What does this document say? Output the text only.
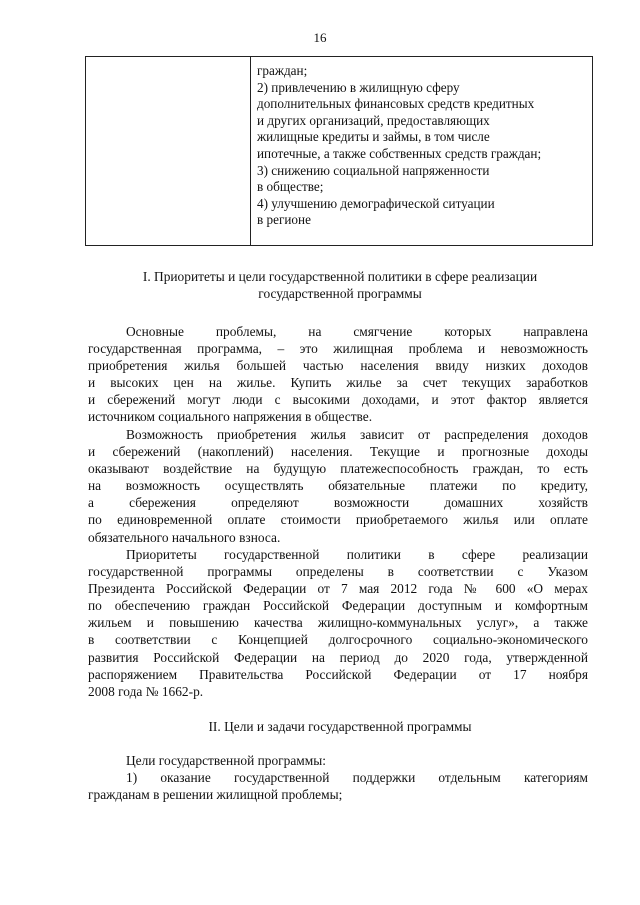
16
граждан;
2) привлечению в жилищную сферу
дополнительных финансовых средств кредитных
и других организаций, предоставляющих
жилищные кредиты и займы, в том числе
ипотечные, а также собственных средств граждан;
3) снижению социальной напряженности
в обществе;
4) улучшению демографической ситуации
в регионе
I. Приоритеты и цели государственной политики в сфере реализации
государственной программы
Основные проблемы, на смягчение которых направлена
государственная программа, – это жилищная проблема и невозможность
приобретения жилья большей частью населения ввиду низких доходов
и высоких цен на жилье. Купить жилье за счет текущих заработков
и сбережений могут люди с высокими доходами, и этот фактор является
источником социального напряжения в обществе.
Возможность приобретения жилья зависит от распределения доходов
и сбережений (накоплений) населения. Текущие и прогнозные доходы
оказывают воздействие на будущую платежеспособность граждан, то есть
на возможность осуществлять обязательные платежи по кредиту,
а сбережения определяют возможности домашних хозяйств
по единовременной оплате стоимости приобретаемого жилья или оплате
обязательного начального взноса.
Приоритеты государственной политики в сфере реализации
государственной программы определены в соответствии с Указом
Президента Российской Федерации от 7 мая 2012 года № 600 «О мерах
по обеспечению граждан Российской Федерации доступным и комфортным
жильем и повышению качества жилищно-коммунальных услуг», а также
в соответствии с Концепцией долгосрочного социально-экономического
развития Российской Федерации на период до 2020 года, утвержденной
распоряжением Правительства Российской Федерации от 17 ноября
2008 года № 1662-р.
II. Цели и задачи государственной программы
Цели государственной программы:
1) оказание государственной поддержки отдельным категориям
гражданам в решении жилищной проблемы;
